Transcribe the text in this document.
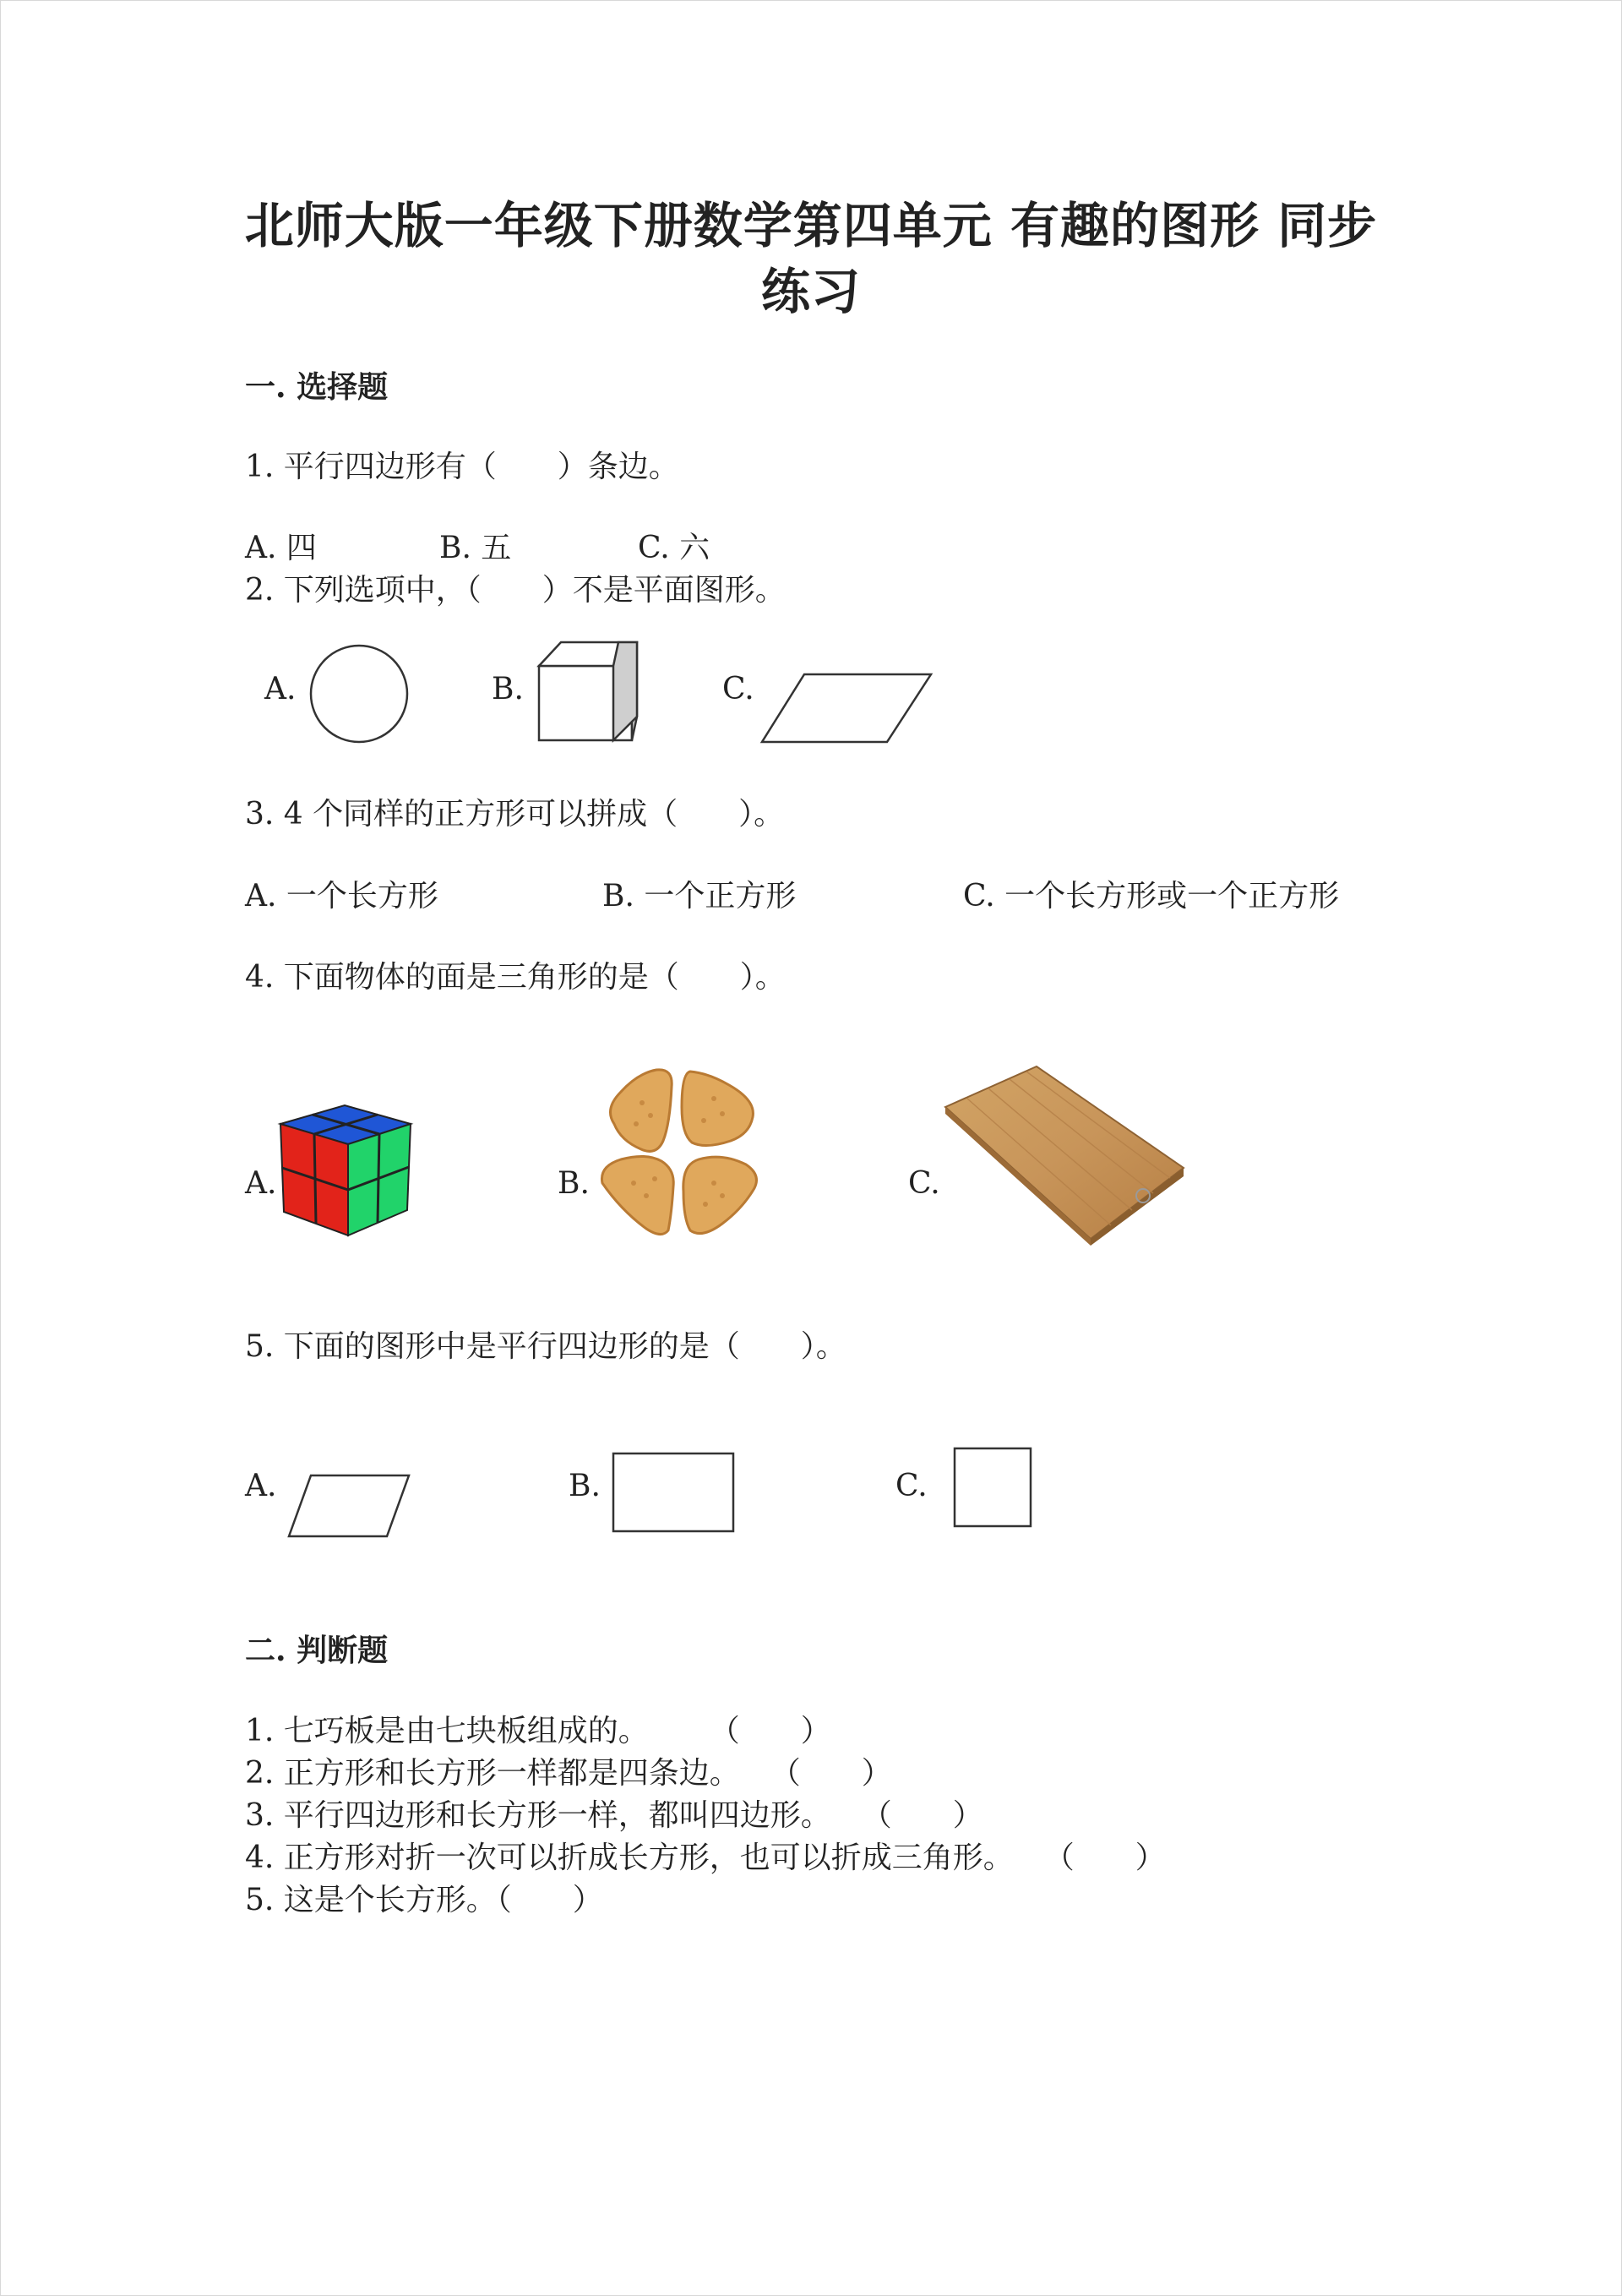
北师大版一年级下册数学第四单元 有趣的图形 同步练习
一. 选择题
1. 平行四边形有（　　）条边。
A. 四	B. 五	C. 六
2. 下列选项中，（　　）不是平面图形。
A.	B.	C.
3. 4 个同样的正方形可以拼成（　　）。
A. 一个长方形	B. 一个正方形	C. 一个长方形或一个正方形
4. 下面物体的面是三角形的是（　　）。
A.	B.	C.
5. 下面的图形中是平行四边形的是（　　）。
A.	B.	C.
二. 判断题
1. 七巧板是由七块板组成的。　　　（　　）
2. 正方形和长方形一样都是四条边。　　（　　）
3. 平行四边形和长方形一样，都叫四边形。　　（　　）
4. 正方形对折一次可以折成长方形，也可以折成三角形。　　（　　）
5. 这是个长方形。（　　）
